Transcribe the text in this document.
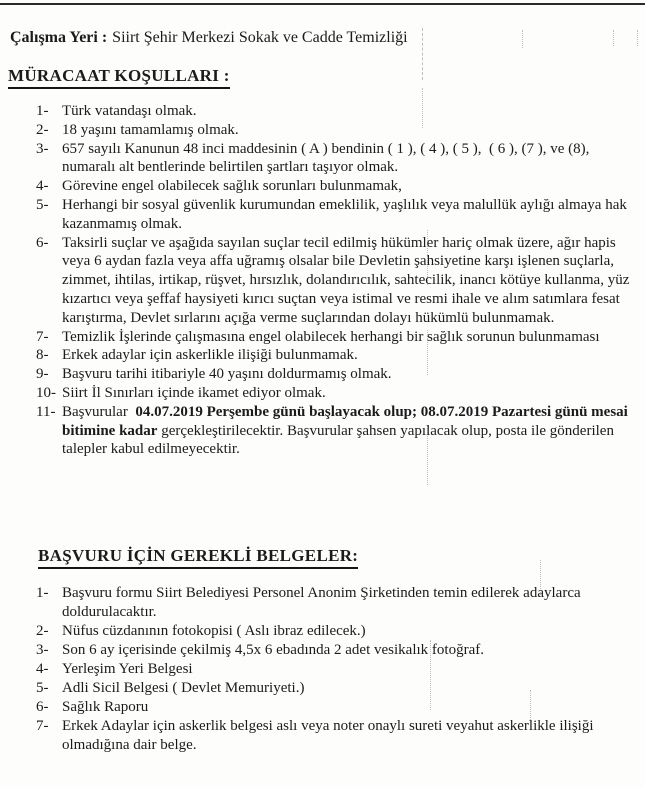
Çalışma Yeri : Siirt Şehir Merkezi Sokak ve Cadde Temizliği

MÜRACAAT KOŞULLARI :
1- Türk vatandaşı olmak.
2- 18 yaşını tamamlamış olmak.
3- 657 sayılı Kanunun 48 inci maddesinin ( A ) bendinin ( 1 ), ( 4 ), ( 5 ),  ( 6 ), (7 ), ve (8),  numaralı alt bentlerinde belirtilen şartları taşıyor olmak.
4- Görevine engel olabilecek sağlık sorunları bulunmamak,
5- Herhangi bir sosyal güvenlik kurumundan emeklilik, yaşlılık veya malullük aylığı almaya hak kazanmamış olmak.
6- Taksirli suçlar ve aşağıda sayılan suçlar tecil edilmiş hükümler hariç olmak üzere, ağır hapis veya 6 aydan fazla veya affa uğramış olsalar bile Devletin şahsiyetine karşı işlenen suçlarla, zimmet, ihtilas, irtikap, rüşvet, hırsızlık, dolandırıcılık, sahtecilik, inancı kötüye kullanma, yüz kızartıcı veya şeffaf haysiyeti kırıcı suçtan veya istimal ve resmi ihale ve alım satımlara fesat karıştırma, Devlet sırlarını açığa verme suçlarından dolayı hükümlü bulunmamak.
7- Temizlik İşlerinde çalışmasına engel olabilecek herhangi bir sağlık sorunun bulunmaması
8- Erkek adaylar için askerlikle ilişiği bulunmamak.
9- Başvuru tarihi itibariyle 40 yaşını doldurmamış olmak.
10- Siirt İl Sınırları içinde ikamet ediyor olmak.
11- Başvurular  04.07.2019 Perşembe günü başlayacak olup; 08.07.2019 Pazartesi günü mesai bitimine kadar gerçekleştirilecektir. Başvurular şahsen yapılacak olup, posta ile gönderilen talepler kabul edilmeyecektir.
BAŞVURU İÇİN GEREKLİ BELGELER:
1- Başvuru formu Siirt Belediyesi Personel Anonim Şirketinden temin edilerek adaylarca doldurulacaktır.
2- Nüfus cüzdanının fotokopisi ( Aslı ibraz edilecek.)
3- Son 6 ay içerisinde çekilmiş 4,5x 6 ebadında 2 adet vesikalık fotoğraf.
4- Yerleşim Yeri Belgesi
5- Adli Sicil Belgesi ( Devlet Memuriyeti.)
6- Sağlık Raporu
7- Erkek Adaylar için askerlik belgesi aslı veya noter onaylı sureti veyahut askerlikle ilişiği olmadığına dair belge.
